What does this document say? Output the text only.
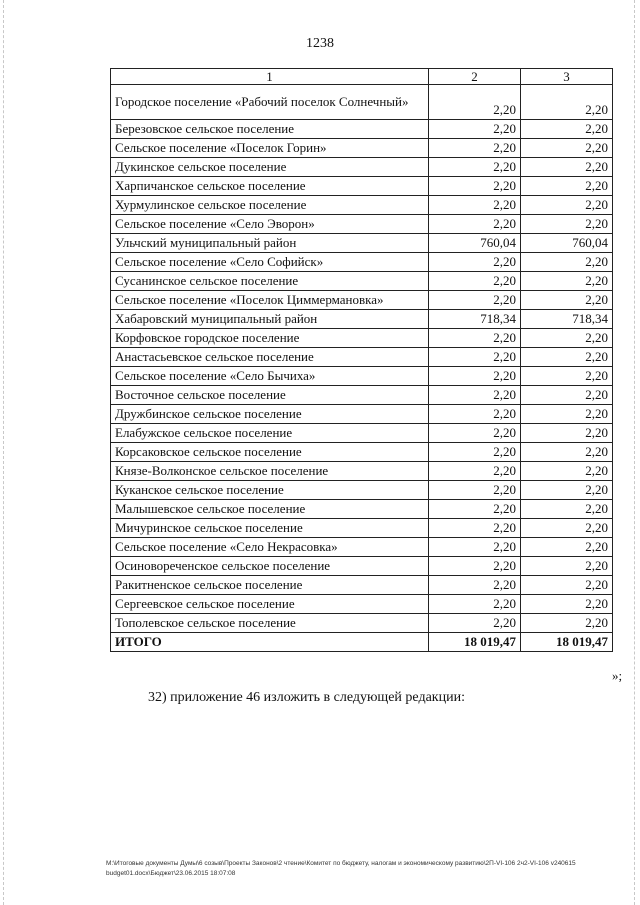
1238
1	2	3
Городское поселение «Рабочий поселок Солнечный»	2,20	2,20
Березовское сельское поселение	2,20	2,20
Сельское поселение «Поселок Горин»	2,20	2,20
Дукинское сельское поселение	2,20	2,20
Харпичанское сельское поселение	2,20	2,20
Хурмулинское сельское поселение	2,20	2,20
Сельское поселение «Село Эворон»	2,20	2,20
Ульчский муниципальный район	760,04	760,04
Сельское поселение «Село Софийск»	2,20	2,20
Сусанинское сельское поселение	2,20	2,20
Сельское поселение «Поселок Циммермановка»	2,20	2,20
Хабаровский муниципальный район	718,34	718,34
Корфовское городское поселение	2,20	2,20
Анастасьевское сельское поселение	2,20	2,20
Сельское поселение «Село Бычиха»	2,20	2,20
Восточное сельское поселение	2,20	2,20
Дружбинское сельское поселение	2,20	2,20
Елабужское сельское поселение	2,20	2,20
Корсаковское сельское поселение	2,20	2,20
Князе-Волконское сельское поселение	2,20	2,20
Куканское сельское поселение	2,20	2,20
Малышевское сельское поселение	2,20	2,20
Мичуринское сельское поселение	2,20	2,20
Сельское поселение «Село Некрасовка»	2,20	2,20
Осиновореченское сельское поселение	2,20	2,20
Ракитненское сельское поселение	2,20	2,20
Сергеевское сельское поселение	2,20	2,20
Тополевское сельское поселение	2,20	2,20
ИТОГО	18 019,47	18 019,47
»;
32) приложение 46 изложить в следующей редакции:
M:\Итоговые документы Думы\6 созыв\Проекты Законов\2 чтение\Комитет по бюджету, налогам и экономическому развитию\2П-VI-106 2ч2-VI-106 v240615 budget01.docx\Бюджет\23.06.2015 18:07:08
